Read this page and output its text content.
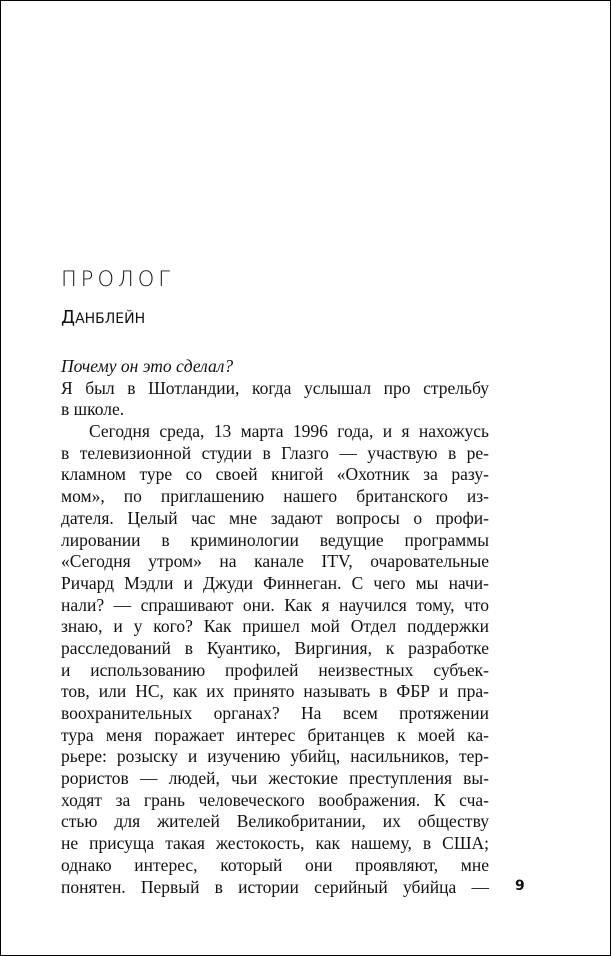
ПРОЛОГ
ДАНБЛЕЙН
Почему он это сделал?
Я был в Шотландии, когда услышал про стрельбу
в школе.
Сегодня среда, 13 марта 1996 года, и я нахожусь
в телевизионной студии в Глазго — участвую в ре-
кламном туре со своей книгой «Охотник за разу-
мом», по приглашению нашего британского из-
дателя. Целый час мне задают вопросы о профи-
лировании в криминологии ведущие программы
«Сегодня утром» на канале ITV, очаровательные
Ричард Мэдли и Джуди Финнеган. С чего мы начи-
нали? — спрашивают они. Как я научился тому, что
знаю, и у кого? Как пришел мой Отдел поддержки
расследований в Куантико, Виргиния, к разработке
и использованию профилей неизвестных субъек-
тов, или НС, как их принято называть в ФБР и пра-
воохранительных органах? На всем протяжении
тура меня поражает интерес британцев к моей ка-
рьере: розыску и изучению убийц, насильников, тер-
рористов — людей, чьи жестокие преступления вы-
ходят за грань человеческого воображения. К сча-
стью для жителей Великобритании, их обществу
не присуща такая жестокость, как нашему, в США;
однако интерес, который они проявляют, мне
понятен. Первый в истории серийный убийца — 9
